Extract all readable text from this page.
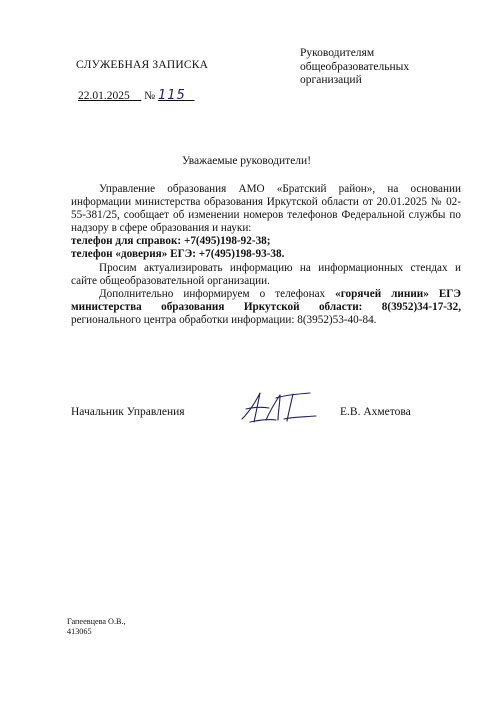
СЛУЖЕБНАЯ ЗАПИСКА
Руководителям
общеобразовательных
организаций
22.01.2025 № 115
Уважаемые руководители!

Управление образования АМО «Братский район», на основании информации министерства образования Иркутской области от 20.01.2025 № 02-55-381/25, сообщает об изменении номеров телефонов Федеральной службы по надзору в сфере образования и науки:

телефон для справок: +7(495)198-92-38;

телефон «доверия» ЕГЭ: +7(495)198-93-38.

Просим актуализировать информацию на информационных стендах и сайте общеобразовательной организации.

Дополнительно информируем о телефонах «горячей линии» ЕГЭ министерства образования Иркутской области: 8(3952)34-17-32, регионального центра обработки информации: 8(3952)53-40-84.

Начальник Управления	Е.В. Ахметова
Гапеевцева О.В.,
413065
